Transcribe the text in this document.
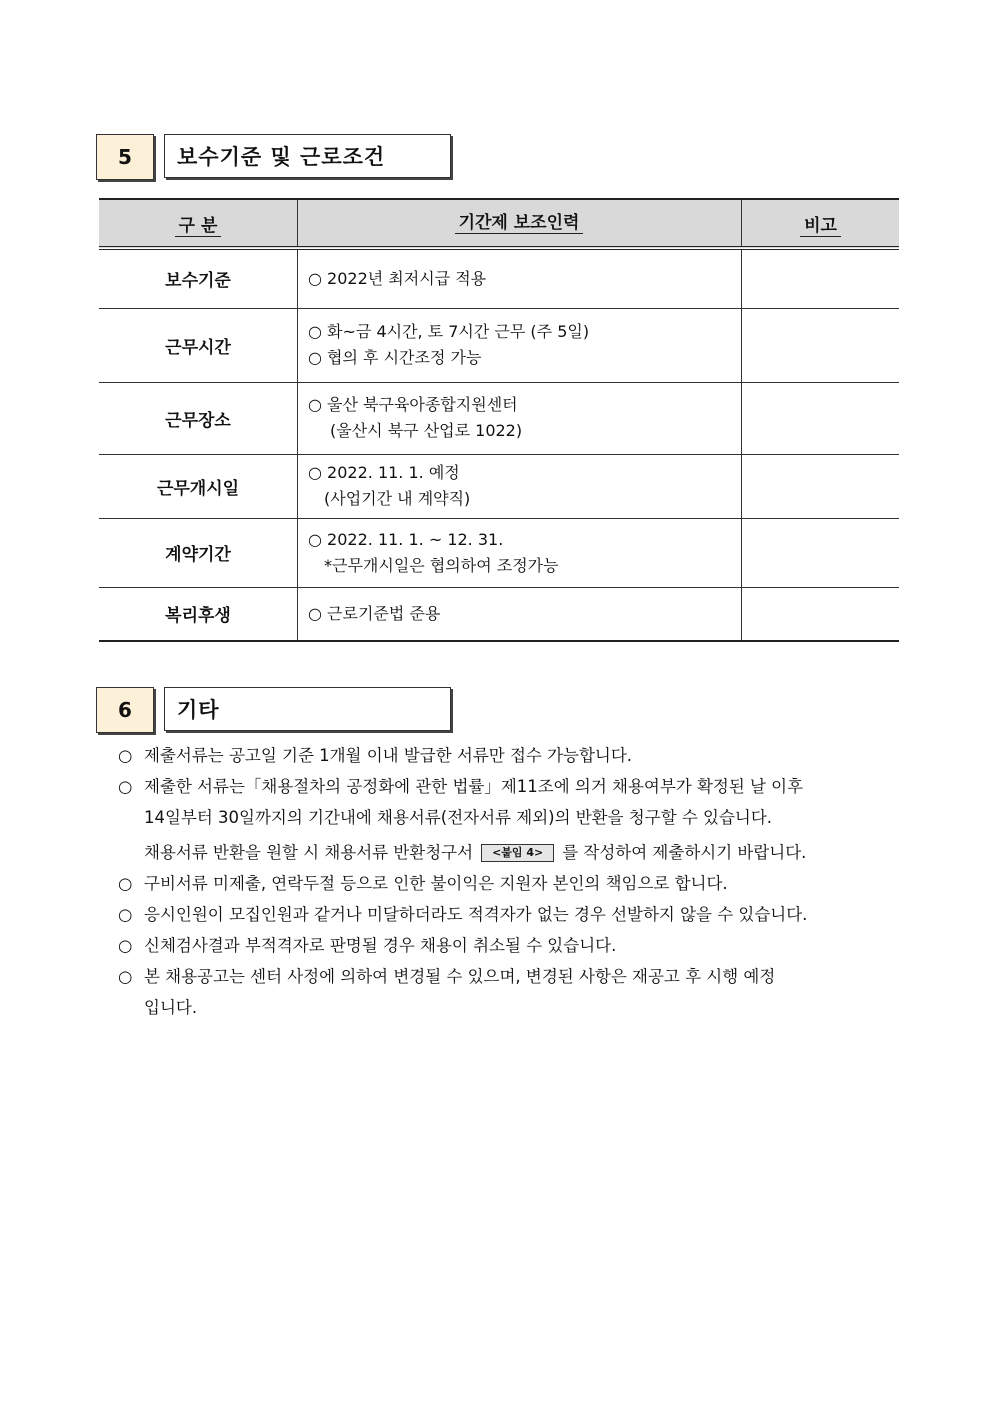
5	보수기준 및 근로조건
구 분	기간제 보조인력	비고
보수기준	○ 2022년 최저시급 적용	

근무시간	○ 화~금 4시간, 토 7시간 근무 (주 5일)
○ 협의 후 시간조정 가능	

근무장소	○ 울산 북구육아종합지원센터
(울산시 북구 산업로 1022)	

근무개시일	○ 2022. 11. 1. 예정
(사업기간 내 계약직)	

계약기간	○ 2022. 11. 1. ~ 12. 31.
*근무개시일은 협의하여 조정가능	

복리후생	○ 근로기준법 준용	

6	기타
○ 제출서류는 공고일 기준 1개월 이내 발급한 서류만 접수 가능합니다.
○ 제출한 서류는「채용절차의 공정화에 관한 법률」제11조에 의거 채용여부가 확정된 날 이후
14일부터 30일까지의 기간내에 채용서류(전자서류 제외)의 반환을 청구할 수 있습니다.
채용서류 반환을 원할 시 채용서류 반환청구서 <붙임 4> 를 작성하여 제출하시기 바랍니다.
○ 구비서류 미제출, 연락두절 등으로 인한 불이익은 지원자 본인의 책임으로 합니다.
○ 응시인원이 모집인원과 같거나 미달하더라도 적격자가 없는 경우 선발하지 않을 수 있습니다.
○ 신체검사결과 부적격자로 판명될 경우 채용이 취소될 수 있습니다.
○ 본 채용공고는 센터 사정에 의하여 변경될 수 있으며, 변경된 사항은 재공고 후 시행 예정
입니다.
